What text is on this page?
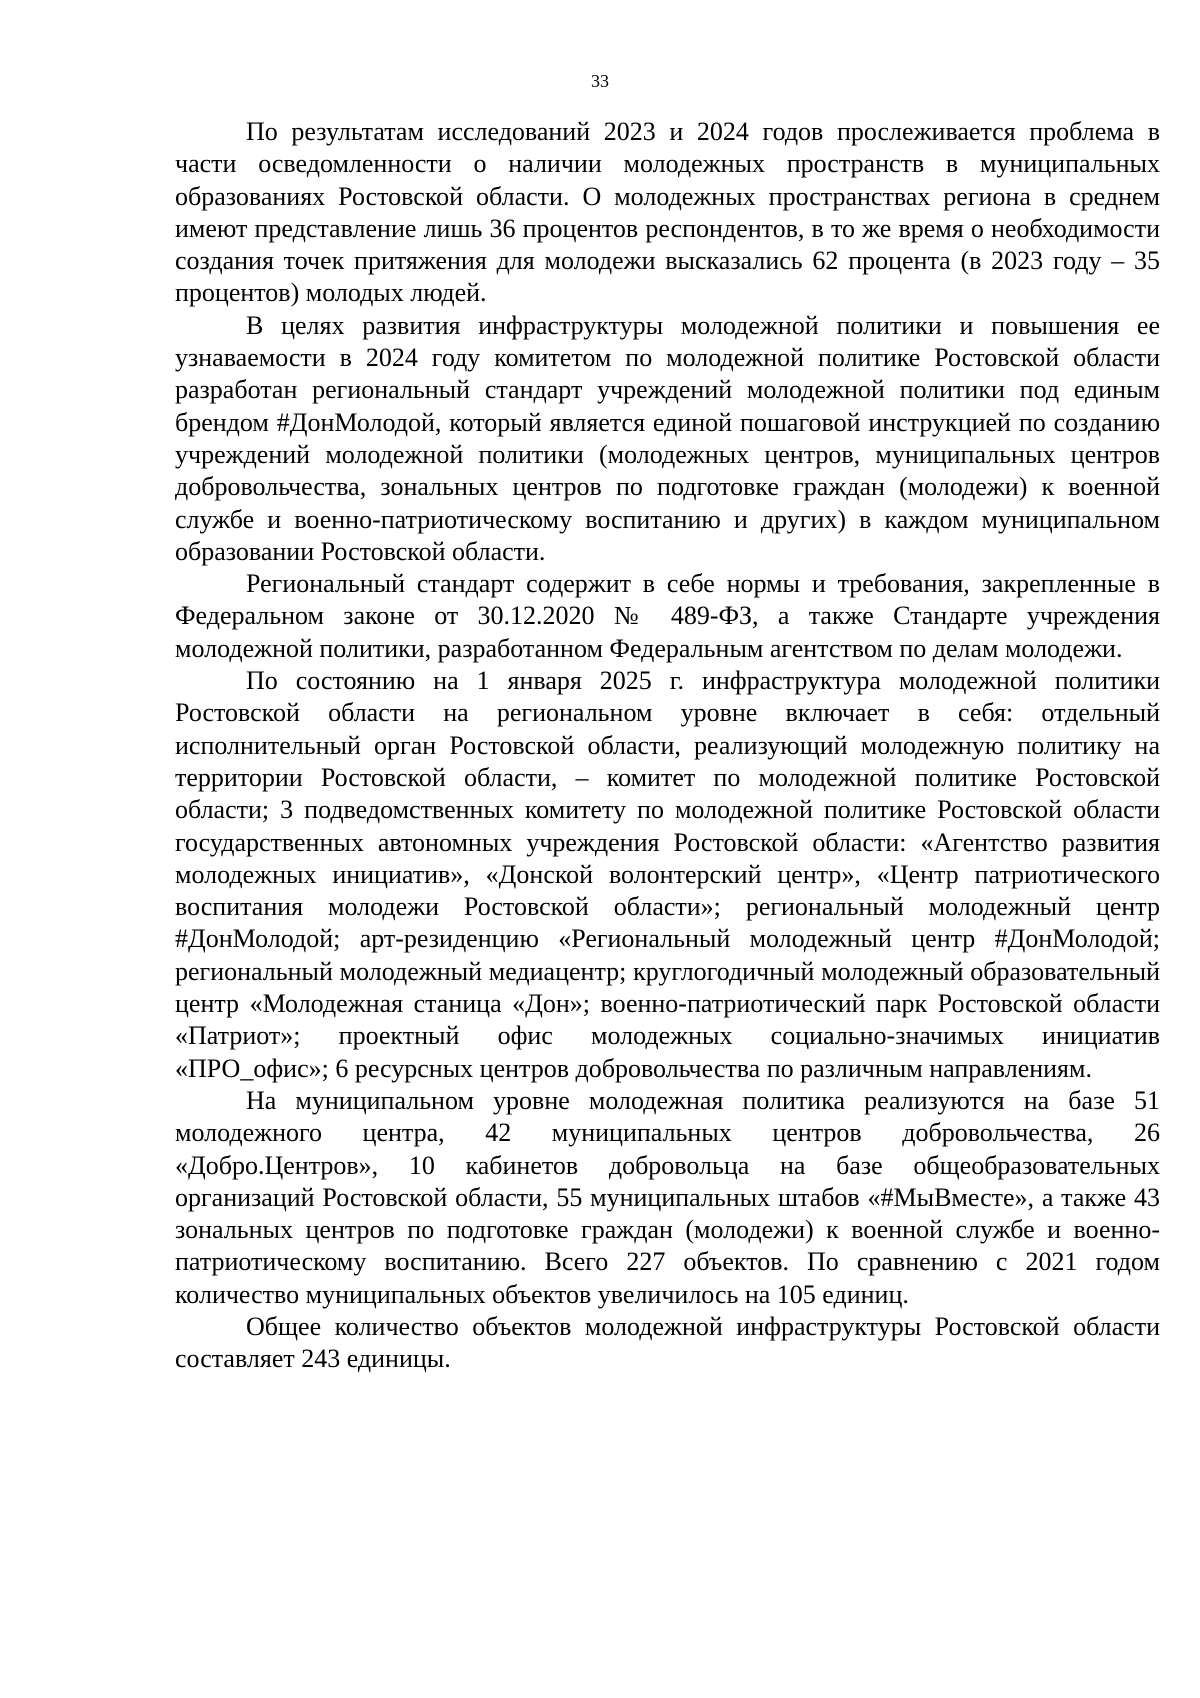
33

По результатам исследований 2023 и 2024 годов прослеживается проблема в части осведомленности о наличии молодежных пространств в муниципальных образованиях Ростовской области. О молодежных пространствах региона в среднем имеют представление лишь 36 процентов респондентов, в то же время о необходимости создания точек притяжения для молодежи высказались 62 процента (в 2023 году – 35 процентов) молодых людей.

В целях развития инфраструктуры молодежной политики и повышения ее узнаваемости в 2024 году комитетом по молодежной политике Ростовской области разработан региональный стандарт учреждений молодежной политики под единым брендом #ДонМолодой, который является единой пошаговой инструкцией по созданию учреждений молодежной политики (молодежных центров, муниципальных центров добровольчества, зональных центров по подготовке граждан (молодежи) к военной службе и военно-патриотическому воспитанию и других) в каждом муниципальном образовании Ростовской области.

Региональный стандарт содержит в себе нормы и требования, закрепленные в Федеральном законе от 30.12.2020 № 489-ФЗ, а также Стандарте учреждения молодежной политики, разработанном Федеральным агентством по делам молодежи.

По состоянию на 1 января 2025 г. инфраструктура молодежной политики Ростовской области на региональном уровне включает в себя: отдельный исполнительный орган Ростовской области, реализующий молодежную политику на территории Ростовской области, – комитет по молодежной политике Ростовской области; 3 подведомственных комитету по молодежной политике Ростовской области государственных автономных учреждения Ростовской области: «Агентство развития молодежных инициатив», «Донской волонтерский центр», «Центр патриотического воспитания молодежи Ростовской области»; региональный молодежный центр #ДонМолодой; арт-резиденцию «Региональный молодежный центр #ДонМолодой; региональный молодежный медиацентр; круглогодичный молодежный образовательный центр «Молодежная станица «Дон»; военно-патриотический парк Ростовской области «Патриот»; проектный офис молодежных социально-значимых инициатив «ПРО_офис»; 6 ресурсных центров добровольчества по различным направлениям.

На муниципальном уровне молодежная политика реализуются на базе 51 молодежного центра, 42 муниципальных центров добровольчества, 26 «Добро.Центров», 10 кабинетов добровольца на базе общеобразовательных организаций Ростовской области, 55 муниципальных штабов «#МыВместе», а также 43 зональных центров по подготовке граждан (молодежи) к военной службе и военно-патриотическому воспитанию. Всего 227 объектов. По сравнению с 2021 годом количество муниципальных объектов увеличилось на 105 единиц.

Общее количество объектов молодежной инфраструктуры Ростовской области составляет 243 единицы.
